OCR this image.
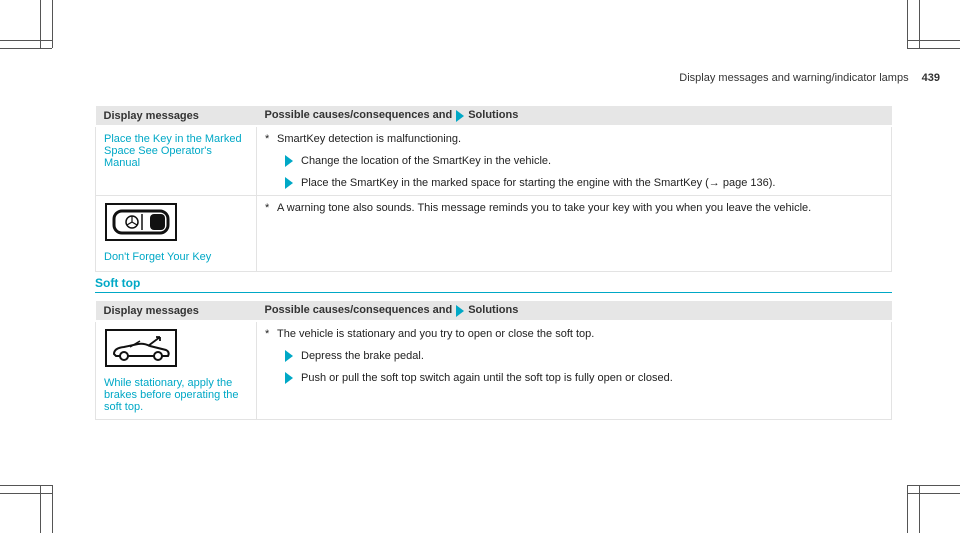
Display messages and warning/indicator lamps 439
Display messages	Possible causes/consequences and Solutions
Place the Key in the Marked Space See Operator's Manual	* SmartKey detection is malfunctioning.
Change the location of the SmartKey in the vehicle.
Place the SmartKey in the marked space for starting the engine with the SmartKey (→ page 136).

Don't Forget Your Key	* A warning tone also sounds. This message reminds you to take your key with you when you leave the vehicle.
Soft top
Display messages	Possible causes/consequences and Solutions

While stationary, apply the brakes before operating the soft top.	* The vehicle is stationary and you try to open or close the soft top.
Depress the brake pedal.
Push or pull the soft top switch again until the soft top is fully open or closed.
